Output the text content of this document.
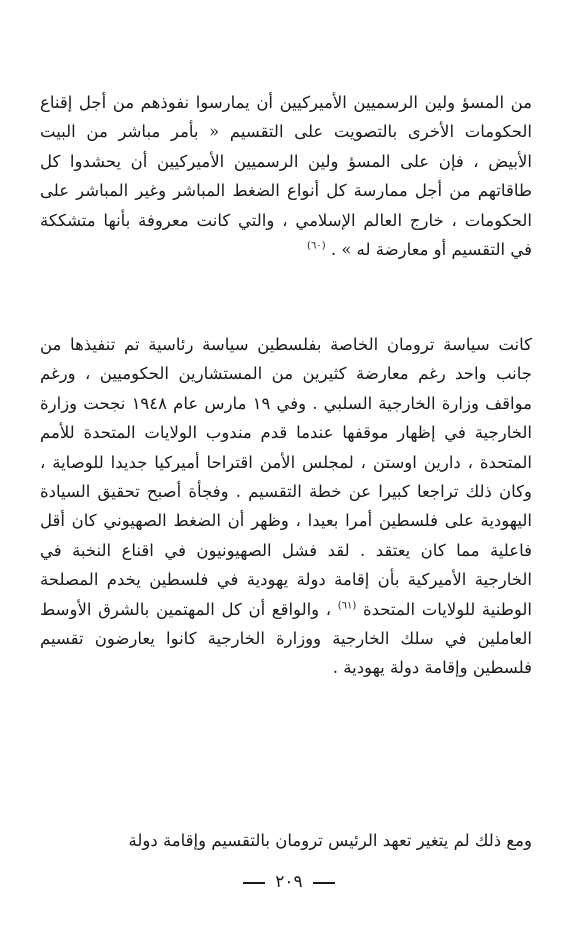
من المسؤ ولين الرسميين الأميركيين أن يمارسوا نفوذهم من أجل إقناع الحكومات الأخرى بالتصويت على التقسيم « بأمر مباشر من البيت الأبيض ، فإن على المسؤ ولين الرسميين الأميركيين أن يحشدوا كل طاقاتهم من أجل ممارسة كل أنواع الضغط المباشر وغير المباشر على الحكومات ، خارج العالم الإسلامي ، والتي كانت معروفة بأنها متشككة في التقسيم أو معارضة له » . $^{(٦٠)}$

كانت سياسة ترومان الخاصة بفلسطين سياسة رئاسية تم تنفيذها من جانب واحد رغم معارضة كثيرين من المستشارين الحكوميين ، ورغم مواقف وزارة الخارجية السلبي . وفي ١٩ مارس عام ١٩٤٨ نجحت وزارة الخارجية في إظهار موقفها عندما قدم مندوب الولايات المتحدة للأمم المتحدة ، دارين اوستن ، لمجلس الأمن اقتراحا أميركيا جديدا للوصاية ، وكان ذلك تراجعا كبيرا عن خطة التقسيم . وفجأة أصبح تحقيق السيادة اليهودية على فلسطين أمرا بعيدا ، وظهر أن الضغط الصهيوني كان أقل فاعلية مما كان يعتقد . لقد فشل الصهيونيون في اقناع النخبة في الخارجية الأميركية بأن إقامة دولة يهودية في فلسطين يخدم المصلحة الوطنية للولايات المتحدة $^{(٦١)}$ ، والواقع أن كل المهتمين بالشرق الأوسط العاملين في سلك الخارجية ووزارة الخارجية كانوا يعارضون تقسيم فلسطين وإقامة دولة يهودية .

ومع ذلك لم يتغير تعهد الرئيس ترومان بالتقسيم وإقامة دولة

٢٠٩
